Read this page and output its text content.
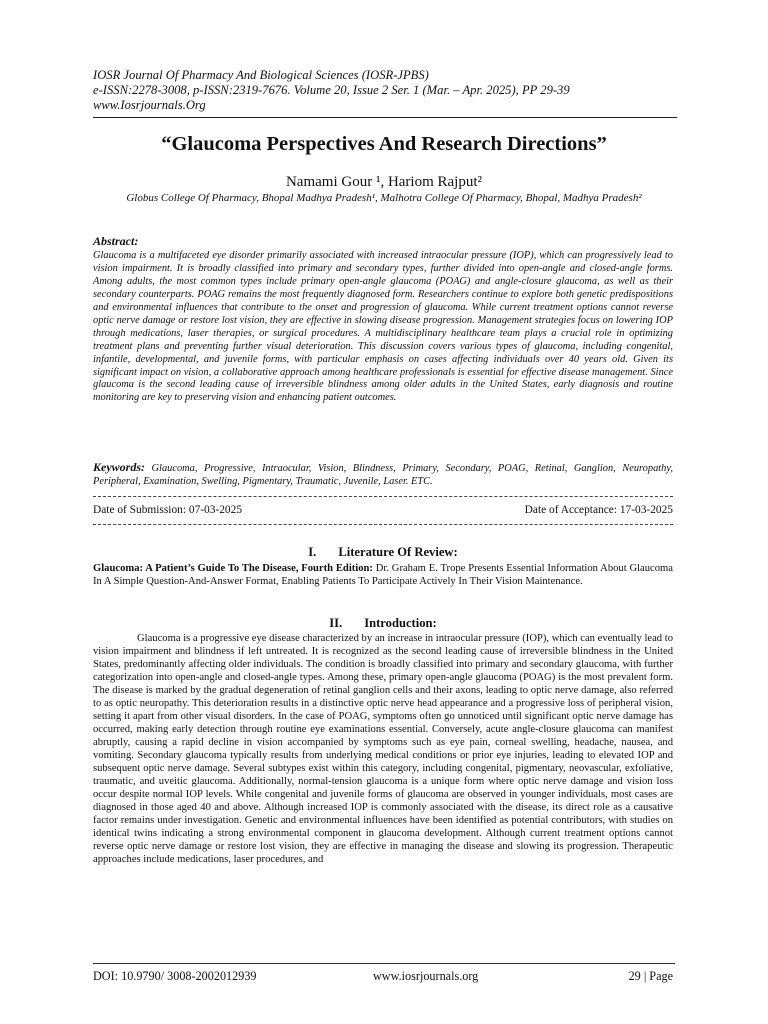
IOSR Journal Of Pharmacy And Biological Sciences (IOSR-JPBS)
e-ISSN:2278-3008, p-ISSN:2319-7676. Volume 20, Issue 2 Ser. 1 (Mar. – Apr. 2025), PP 29-39
www.Iosrjournals.Org
“Glaucoma Perspectives And Research Directions”
Namami Gour ¹, Hariom Rajput²
Globus College Of Pharmacy, Bhopal Madhya Pradesh¹, Malhotra College Of Pharmacy, Bhopal, Madhya Pradesh²
Abstract:
Glaucoma is a multifaceted eye disorder primarily associated with increased intraocular pressure (IOP), which can progressively lead to vision impairment. It is broadly classified into primary and secondary types, further divided into open-angle and closed-angle forms. Among adults, the most common types include primary open-angle glaucoma (POAG) and angle-closure glaucoma, as well as their secondary counterparts. POAG remains the most frequently diagnosed form. Researchers continue to explore both genetic predispositions and environmental influences that contribute to the onset and progression of glaucoma. While current treatment options cannot reverse optic nerve damage or restore lost vision, they are effective in slowing disease progression. Management strategies focus on lowering IOP through medications, laser therapies, or surgical procedures. A multidisciplinary healthcare team plays a crucial role in optimizing treatment plans and preventing further visual deterioration. This discussion covers various types of glaucoma, including congenital, infantile, developmental, and juvenile forms, with particular emphasis on cases affecting individuals over 40 years old. Given its significant impact on vision, a collaborative approach among healthcare professionals is essential for effective disease management. Since glaucoma is the second leading cause of irreversible blindness among older adults in the United States, early diagnosis and routine monitoring are key to preserving vision and enhancing patient outcomes.
Keywords: Glaucoma, Progressive, Intraocular, Vision, Blindness, Primary, Secondary, POAG, Retinal, Ganglion, Neuropathy, Peripheral, Examination, Swelling, Pigmentary, Traumatic, Juvenile, Laser. ETC.
Date of Submission: 07-03-2025	Date of Acceptance: 17-03-2025
I. Literature Of Review:
Glaucoma: A Patient’s Guide To The Disease, Fourth Edition: Dr. Graham E. Trope Presents Essential Information About Glaucoma In A Simple Question-And-Answer Format, Enabling Patients To Participate Actively In Their Vision Maintenance.
II. Introduction:
Glaucoma is a progressive eye disease characterized by an increase in intraocular pressure (IOP), which can eventually lead to vision impairment and blindness if left untreated. It is recognized as the second leading cause of irreversible blindness in the United States, predominantly affecting older individuals. The condition is broadly classified into primary and secondary glaucoma, with further categorization into open-angle and closed-angle types. Among these, primary open-angle glaucoma (POAG) is the most prevalent form. The disease is marked by the gradual degeneration of retinal ganglion cells and their axons, leading to optic nerve damage, also referred to as optic neuropathy. This deterioration results in a distinctive optic nerve head appearance and a progressive loss of peripheral vision, setting it apart from other visual disorders. In the case of POAG, symptoms often go unnoticed until significant optic nerve damage has occurred, making early detection through routine eye examinations essential. Conversely, acute angle-closure glaucoma can manifest abruptly, causing a rapid decline in vision accompanied by symptoms such as eye pain, corneal swelling, headache, nausea, and vomiting. Secondary glaucoma typically results from underlying medical conditions or prior eye injuries, leading to elevated IOP and subsequent optic nerve damage. Several subtypes exist within this category, including congenital, pigmentary, neovascular, exfoliative, traumatic, and uveitic glaucoma. Additionally, normal-tension glaucoma is a unique form where optic nerve damage and vision loss occur despite normal IOP levels. While congenital and juvenile forms of glaucoma are observed in younger individuals, most cases are diagnosed in those aged 40 and above. Although increased IOP is commonly associated with the disease, its direct role as a causative factor remains under investigation. Genetic and environmental influences have been identified as potential contributors, with studies on identical twins indicating a strong environmental component in glaucoma development. Although current treatment options cannot reverse optic nerve damage or restore lost vision, they are effective in managing the disease and slowing its progression. Therapeutic approaches include medications, laser procedures, and
DOI: 10.9790/ 3008-2002012939	www.iosrjournals.org	29 | Page
